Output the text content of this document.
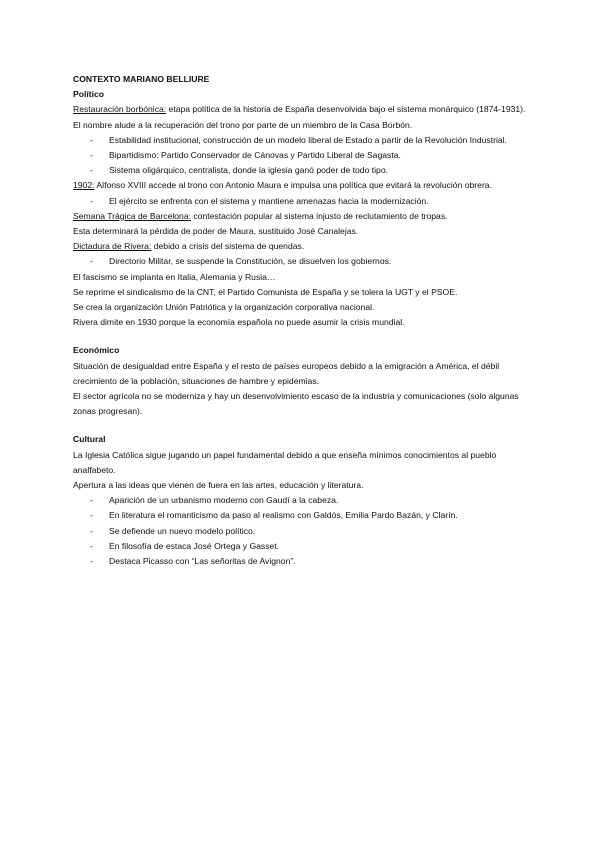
CONTEXTO MARIANO BELLIURE

Político

Restauración borbónica: etapa política de la historia de España desenvolvida bajo el sistema monárquico (1874-1931). El nombre alude a la recuperación del trono por parte de un miembro de la Casa Borbón.

- Estabilidad institucional, construcción de un modelo liberal de Estado a partir de la Revolución Industrial.
- Bipartidismo: Partido Conservador de Cánovas y Partido Liberal de Sagasta.
- Sistema oligárquico, centralista, donde la iglesia ganó poder de todo tipo.

1902: Alfonso XVIII accede al trono con Antonio Maura e impulsa una política que evitará la revolución obrera.

- El ejército se enfrenta con el sistema y mantiene amenazas hacia la modernización.

Semana Trágica de Barcelona: contestación popular al sistema injusto de reclutamiento de tropas.

Esta determinará la pérdida de poder de Maura, sustituido José Canalejas.

Dictadura de Rivera: debido a crisis del sistema de quendas.

- Directorio Militar, se suspende la Constitución, se disuelven los gobiernos.

El fascismo se implanta en Italia, Alemania y Rusia…

Se reprime el sindicalismo de la CNT, el Partido Comunista de España y se tolera la UGT y el PSOE.

Se crea la organización Unión Patriótica y la organización corporativa nacional.

Rivera dimite en 1930 porque la economía española no puede asumir la crisis mundial.

Económico

Situación de desigualdad entre España y el resto de países europeos debido a la emigración a América, el débil crecimiento de la población, situaciones de hambre y epidemias.

El sector agrícola no se moderniza y hay un desenvolvimiento escaso de la industria y comunicaciones (solo algunas zonas progresan).

Cultural

La Iglesia Católica sigue jugando un papel fundamental debido a que enseña mínimos conocimientos al pueblo analfabeto.

Apertura a las ideas que vienen de fuera en las artes, educación y literatura.

- Aparición de un urbanismo moderno con Gaudí a la cabeza.
- En literatura el romanticismo da paso al realismo con Galdós, Emilia Pardo Bazán, y Clarín.
- Se defiende un nuevo modelo político.
- En filosofía de estaca José Ortega y Gasset.
- Destaca Picasso con “Las señoritas de Avignon”.
